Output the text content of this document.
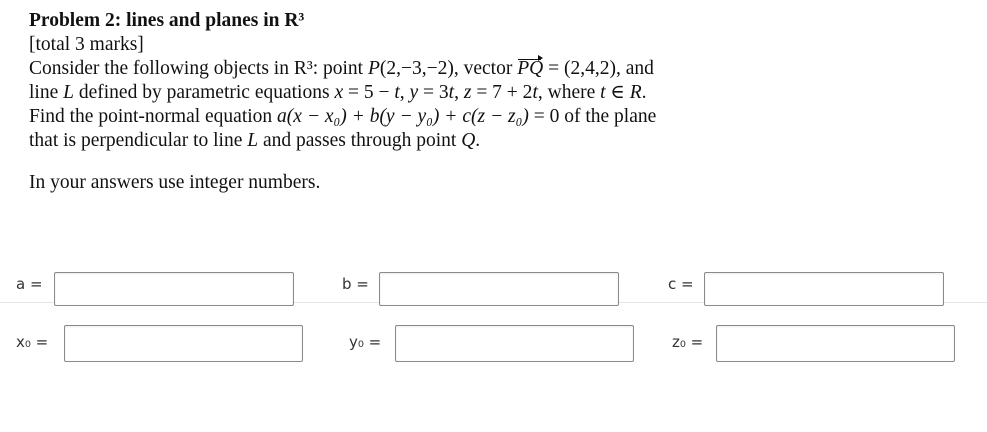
Problem 2: lines and planes in R³
[total 3 marks]
Consider the following objects in R³: point P(2,−3,−2), vector PQ = (2,4,2), and
line L defined by parametric equations x = 5 − t, y = 3t, z = 7 + 2t, where t ∈ R.
Find the point-normal equation a(x − x₀) + b(y − y₀) + c(z − z₀) = 0 of the plane
that is perpendicular to line L and passes through point Q.
In your answers use integer numbers.
a =	b =	c =
x₀ =	y₀ =	z₀ =
